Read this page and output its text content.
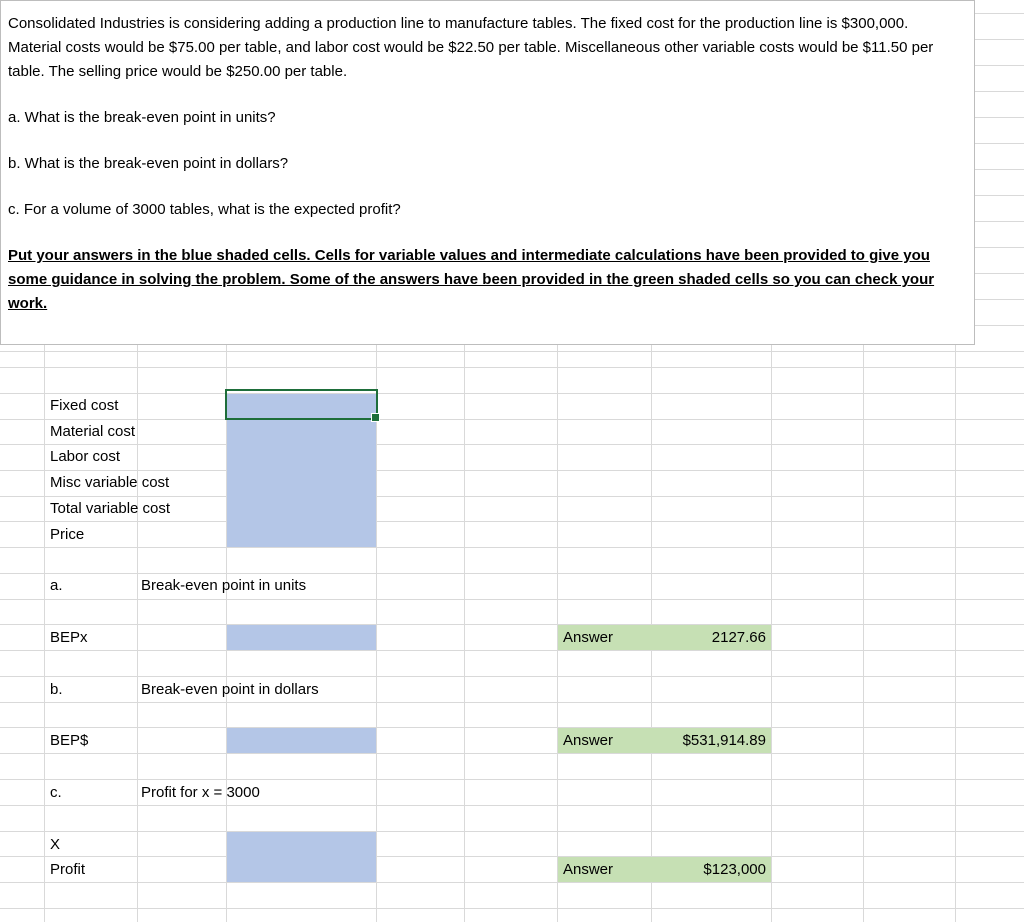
Consolidated Industries is considering adding a production line to manufacture tables. The fixed cost for the production line is $300,000. Material costs would be $75.00 per table, and labor cost would be $22.50 per table. Miscellaneous other variable costs would be $11.50 per table. The selling price would be $250.00 per table.

a. What is the break-even point in units?

b. What is the break-even point in dollars?

c. For a volume of 3000 tables, what is the expected profit?

Put your answers in the blue shaded cells. Cells for variable values and intermediate calculations have been provided to give you some guidance in solving the problem. Some of the answers have been provided in the green shaded cells so you can check your work.

Fixed cost
Material cost
Labor cost
Misc variable cost
Total variable cost
Price
a.	Break-even point in units
BEPx	Answer	2127.66
b.	Break-even point in dollars
BEP$	Answer	$531,914.89
c.	Profit for x = 3000
X
Profit	Answer	$123,000
